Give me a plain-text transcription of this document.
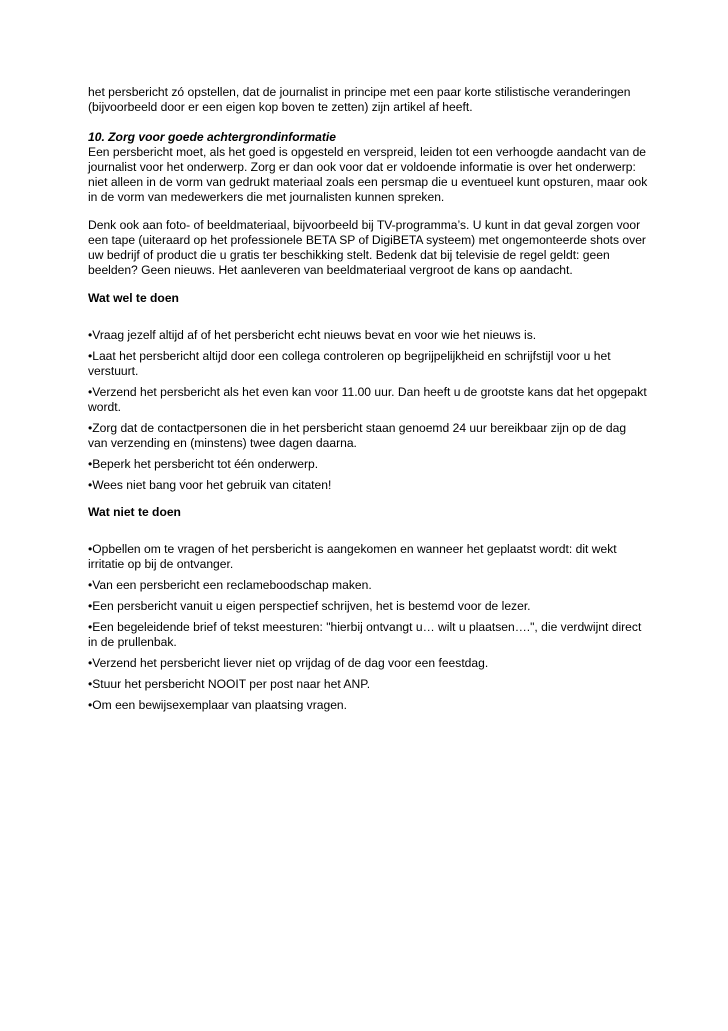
het persbericht zó opstellen, dat de journalist in principe met een paar korte stilistische veranderingen (bijvoorbeeld door er een eigen kop boven te zetten) zijn artikel af heeft.

10. Zorg voor goede achtergrondinformatie

Een persbericht moet, als het goed is opgesteld en verspreid, leiden tot een verhoogde aandacht van de journalist voor het onderwerp. Zorg er dan ook voor dat er voldoende informatie is over het onderwerp: niet alleen in de vorm van gedrukt materiaal zoals een persmap die u eventueel kunt opsturen, maar ook in de vorm van medewerkers die met journalisten kunnen spreken.

Denk ook aan foto- of beeldmateriaal, bijvoorbeeld bij TV-programma’s. U kunt in dat geval zorgen voor een tape (uiteraard op het professionele BETA SP of DigiBETA systeem) met ongemonteerde shots over uw bedrijf of product die u gratis ter beschikking stelt. Bedenk dat bij televisie de regel geldt: geen beelden? Geen nieuws. Het aanleveren van beeldmateriaal vergroot de kans op aandacht.

Wat wel te doen

•Vraag jezelf altijd af of het persbericht echt nieuws bevat en voor wie het nieuws is.

•Laat het persbericht altijd door een collega controleren op begrijpelijkheid en schrijfstijl voor u het verstuurt.

•Verzend het persbericht als het even kan voor 11.00 uur. Dan heeft u de grootste kans dat het opgepakt wordt.

•Zorg dat de contactpersonen die in het persbericht staan genoemd 24 uur bereikbaar zijn op de dag van verzending en (minstens) twee dagen daarna.

•Beperk het persbericht tot één onderwerp.

•Wees niet bang voor het gebruik van citaten!

Wat niet te doen

•Opbellen om te vragen of het persbericht is aangekomen en wanneer het geplaatst wordt: dit wekt irritatie op bij de ontvanger.

•Van een persbericht een reclameboodschap maken.

•Een persbericht vanuit u eigen perspectief schrijven, het is bestemd voor de lezer.

•Een begeleidende brief of tekst meesturen: "hierbij ontvangt u… wilt u plaatsen….", die verdwijnt direct in de prullenbak.

•Verzend het persbericht liever niet op vrijdag of de dag voor een feestdag.

•Stuur het persbericht NOOIT per post naar het ANP.

•Om een bewijsexemplaar van plaatsing vragen.
